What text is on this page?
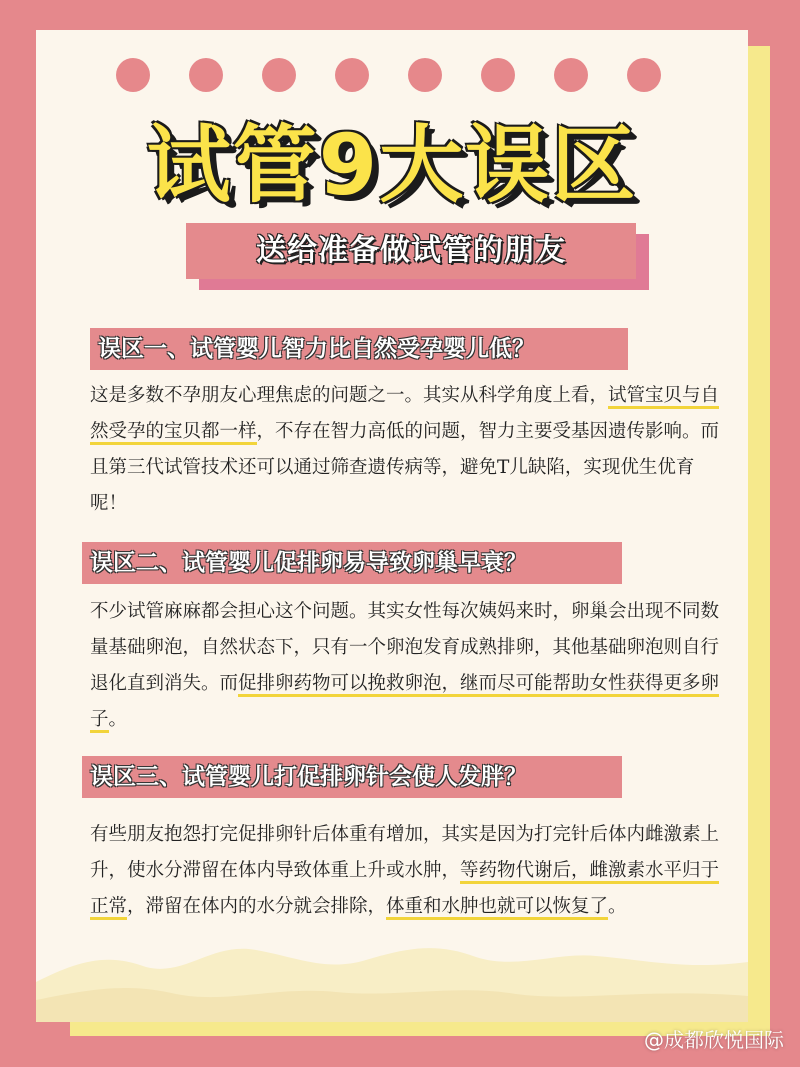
试管9大误区
送给准备做试管的朋友
误区一、试管婴儿智力比自然受孕婴儿低？
这是多数不孕朋友心理焦虑的问题之一。其实从科学角度上看，试管宝贝与自然受孕的宝贝都一样，不存在智力高低的问题，智力主要受基因遗传影响。而且第三代试管技术还可以通过筛查遗传病等，避免T儿缺陷，实现优生优育呢！
误区二、试管婴儿促排卵易导致卵巢早衰？
不少试管麻麻都会担心这个问题。其实女性每次姨妈来时，卵巢会出现不同数量基础卵泡，自然状态下，只有一个卵泡发育成熟排卵，其他基础卵泡则自行退化直到消失。而促排卵药物可以挽救卵泡，继而尽可能帮助女性获得更多卵子。
误区三、试管婴儿打促排卵针会使人发胖？
有些朋友抱怨打完促排卵针后体重有增加，其实是因为打完针后体内雌激素上升，使水分滞留在体内导致体重上升或水肿，等药物代谢后，雌激素水平归于正常，滞留在体内的水分就会排除，体重和水肿也就可以恢复了。
@成都欣悦国际
